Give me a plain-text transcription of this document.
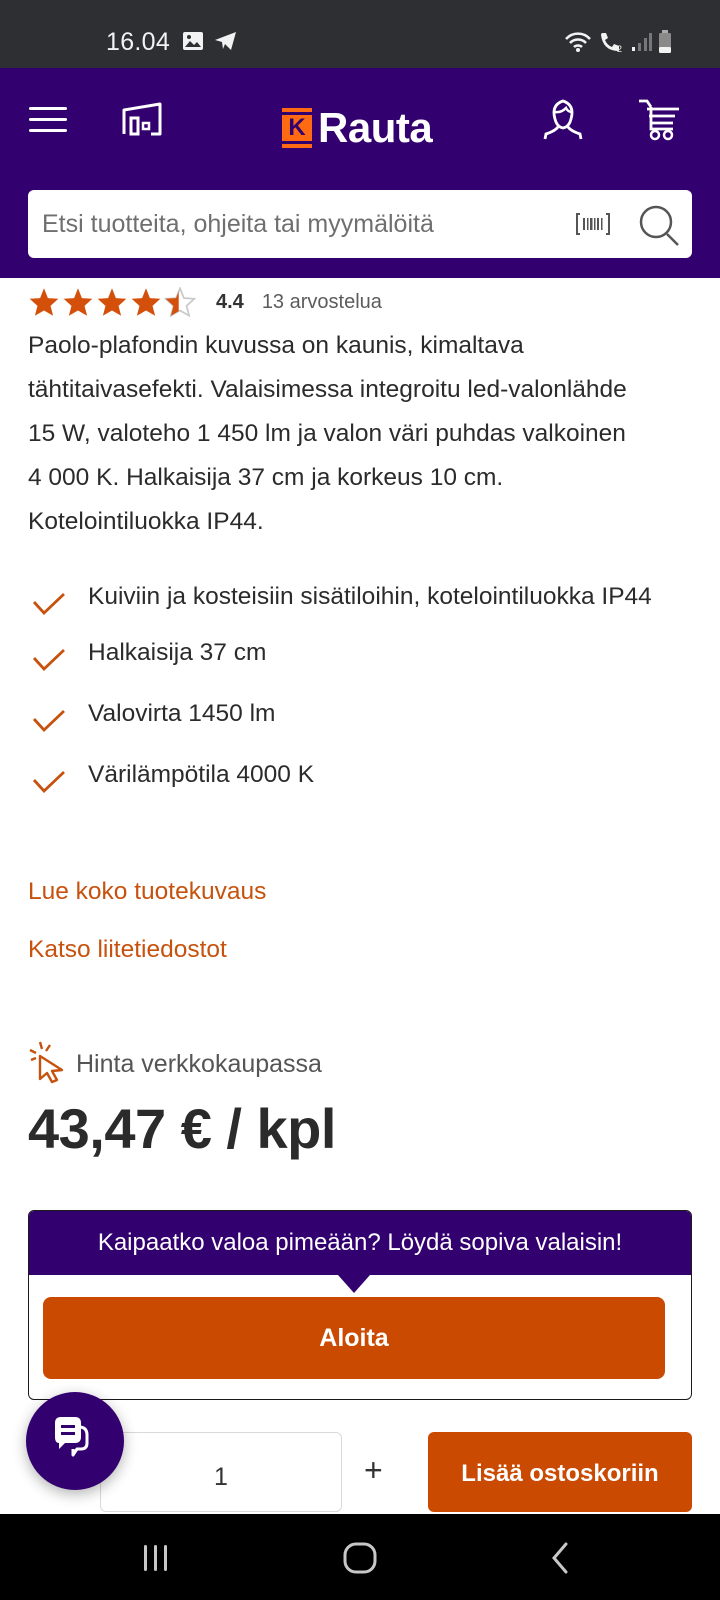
16.04	2
K Rauta
Etsi tuotteita, ohjeita tai myymälöitä
4.4 13 arvostelua
Paolo-plafondin kuvussa on kaunis, kimaltava
tähtitaivasefekti. Valaisimessa integroitu led-valonlähde
15 W, valoteho 1 450 lm ja valon väri puhdas valkoinen
4 000 K. Halkaisija 37 cm ja korkeus 10 cm.
Kotelointiluokka IP44.
Kuiviin ja kosteisiin sisätiloihin, kotelointiluokka IP44
Halkaisija 37 cm
Valovirta 1450 lm
Värilämpötila 4000 K
Lue koko tuotekuvaus
Katso liitetiedostot
Hinta verkkokaupassa
43,47 € / kpl
Kaipaatko valoa pimeään? Löydä sopiva valaisin!
Aloita
1
+	Lisää ostoskoriin
